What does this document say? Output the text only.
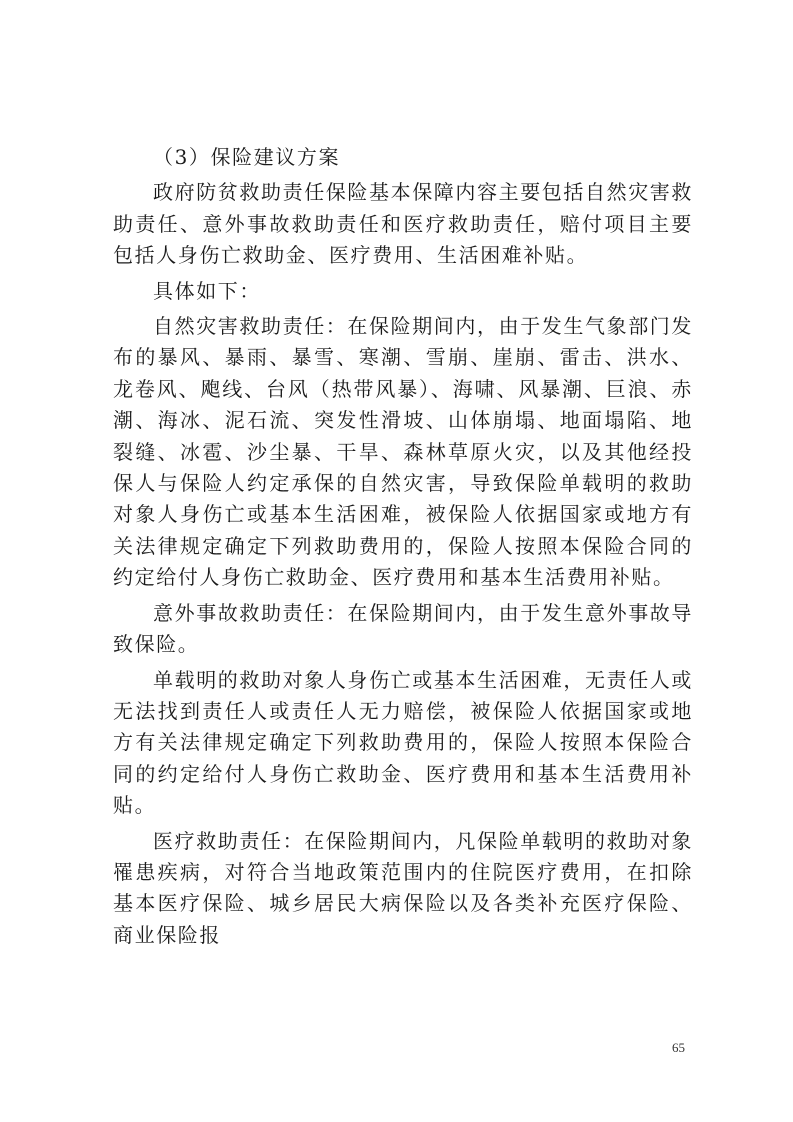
（3）保险建议方案

政府防贫救助责任保险基本保障内容主要包括自然灾害救助责任、意外事故救助责任和医疗救助责任，赔付项目主要包括人身伤亡救助金、医疗费用、生活困难补贴。

具体如下：

自然灾害救助责任：在保险期间内，由于发生气象部门发布的暴风、暴雨、暴雪、寒潮、雪崩、崖崩、雷击、洪水、龙卷风、飑线、台风（热带风暴）、海啸、风暴潮、巨浪、赤潮、海冰、泥石流、突发性滑坡、山体崩塌、地面塌陷、地裂缝、冰雹、沙尘暴、干旱、森林草原火灾，以及其他经投保人与保险人约定承保的自然灾害，导致保险单载明的救助对象人身伤亡或基本生活困难，被保险人依据国家或地方有关法律规定确定下列救助费用的，保险人按照本保险合同的约定给付人身伤亡救助金、医疗费用和基本生活费用补贴。

意外事故救助责任：在保险期间内，由于发生意外事故导致保险。

单载明的救助对象人身伤亡或基本生活困难，无责任人或无法找到责任人或责任人无力赔偿，被保险人依据国家或地方有关法律规定确定下列救助费用的，保险人按照本保险合同的约定给付人身伤亡救助金、医疗费用和基本生活费用补贴。

医疗救助责任：在保险期间内，凡保险单载明的救助对象罹患疾病，对符合当地政策范围内的住院医疗费用，在扣除基本医疗保险、城乡居民大病保险以及各类补充医疗保险、商业保险报

65
